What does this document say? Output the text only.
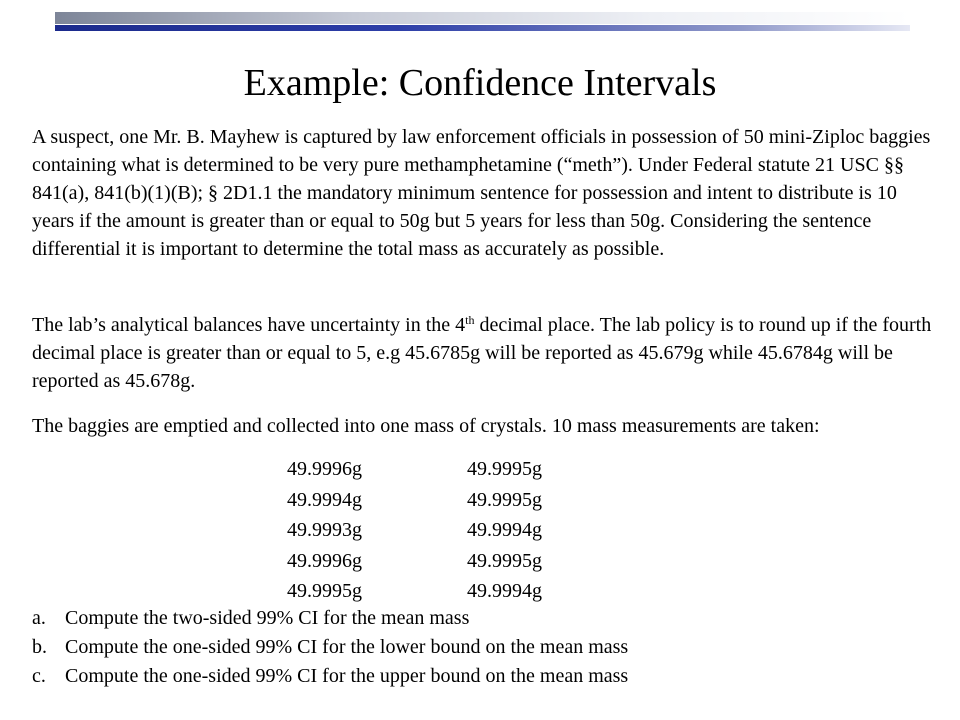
Example: Confidence Intervals
A suspect, one Mr. B. Mayhew is captured by law enforcement officials in possession of 50 mini-Ziploc baggies containing what is determined to be very pure methamphetamine (“meth”). Under Federal statute 21 USC §§ 841(a), 841(b)(1)(B); § 2D1.1 the mandatory minimum sentence for possession and intent to distribute is 10 years if the amount is greater than or equal to 50g but 5 years for less than 50g. Considering the sentence differential it is important to determine the total mass as accurately as possible.
The lab’s analytical balances have uncertainty in the 4th decimal place. The lab policy is to round up if the fourth decimal place is greater than or equal to 5, e.g 45.6785g will be reported as 45.679g while 45.6784g will be reported as 45.678g.
The baggies are emptied and collected into one mass of crystals. 10 mass measurements are taken:
49.9996g	49.9995g
49.9994g	49.9995g
49.9993g	49.9994g
49.9996g	49.9995g
49.9995g	49.9994g
a. Compute the two-sided 99% CI for the mean mass
b. Compute the one-sided 99% CI for the lower bound on the mean mass
c. Compute the one-sided 99% CI for the upper bound on the mean mass
